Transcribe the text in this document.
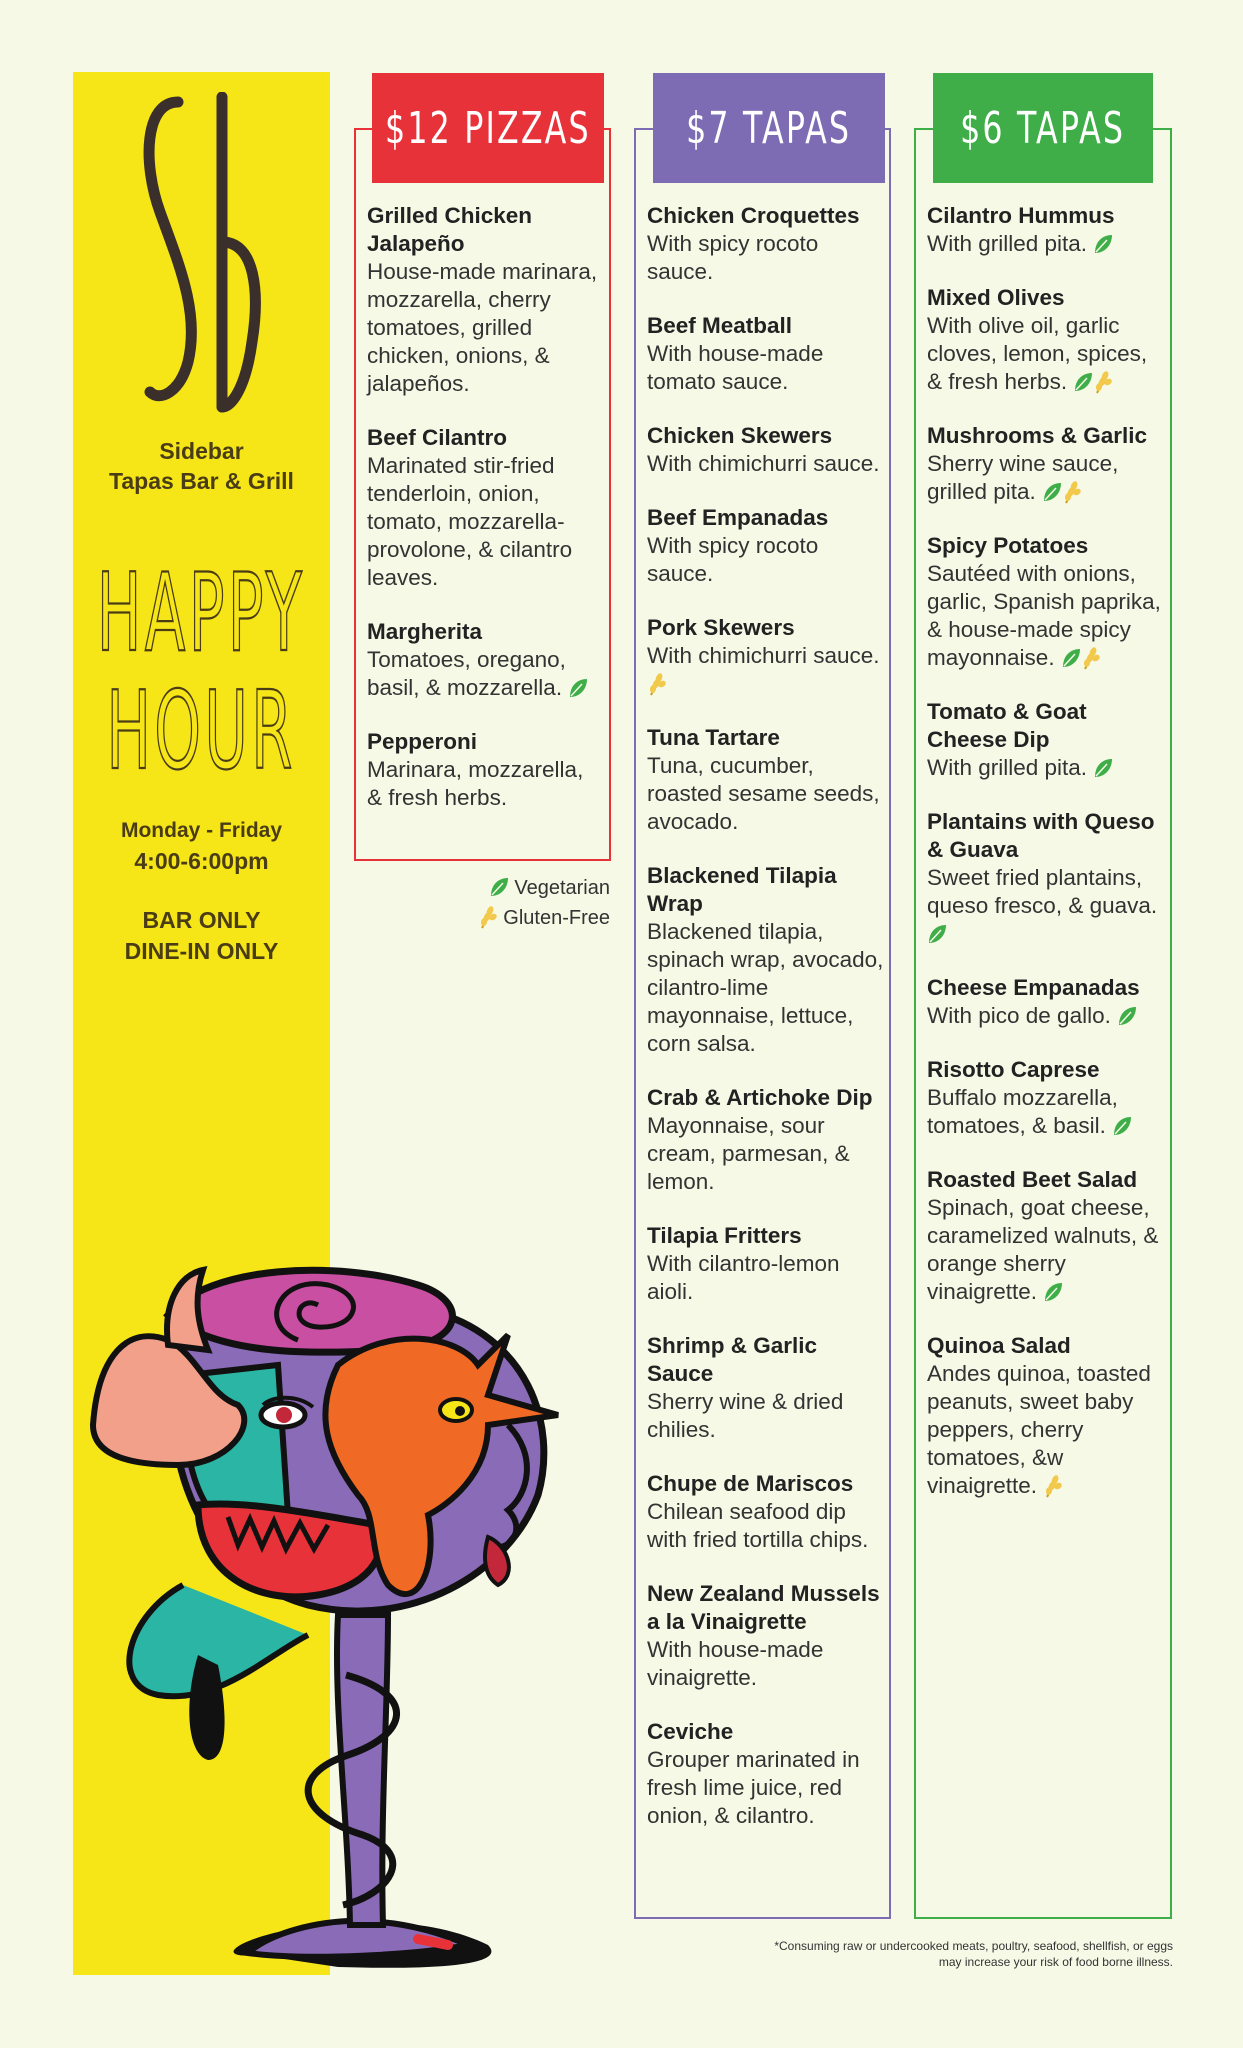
Sidebar
Tapas Bar & Grill
HAPPY
HOUR
Monday - Friday
4:00-6:00pm
BAR ONLY
DINE-IN ONLY
$12 PIZZAS
Grilled Chicken Jalapeño
House-made marinara, mozzarella, cherry tomatoes, grilled chicken, onions, & jalapeños.
Beef Cilantro
Marinated stir-fried tenderloin, onion, tomato, mozzarella-provolone, & cilantro leaves.
Margherita
Tomatoes, oregano, basil, & mozzarella.
Pepperoni
Marinara, mozzarella, & fresh herbs.
Vegetarian
Gluten-Free
$7 TAPAS
Chicken Croquettes
With spicy rocoto sauce.
Beef Meatball
With house-made tomato sauce.
Chicken Skewers
With chimichurri sauce.
Beef Empanadas
With spicy rocoto sauce.
Pork Skewers
With chimichurri sauce.
Tuna Tartare
Tuna, cucumber, roasted sesame seeds, avocado.
Blackened Tilapia Wrap
Blackened tilapia, spinach wrap, avocado, cilantro-lime mayonnaise, lettuce, corn salsa.
Crab & Artichoke Dip
Mayonnaise, sour cream, parmesan, & lemon.
Tilapia Fritters
With cilantro-lemon aioli.
Shrimp & Garlic Sauce
Sherry wine & dried chilies.
Chupe de Mariscos
Chilean seafood dip with fried tortilla chips.
New Zealand Mussels a la Vinaigrette
With house-made vinaigrette.
Ceviche
Grouper marinated in fresh lime juice, red onion, & cilantro.
$6 TAPAS
Cilantro Hummus
With grilled pita.
Mixed Olives
With olive oil, garlic cloves, lemon, spices, & fresh herbs.
Mushrooms & Garlic
Sherry wine sauce, grilled pita.
Spicy Potatoes
Sautéed with onions, garlic, Spanish paprika, & house-made spicy mayonnaise.
Tomato & Goat Cheese Dip
With grilled pita.
Plantains with Queso & Guava
Sweet fried plantains, queso fresco, & guava.
Cheese Empanadas
With pico de gallo.
Risotto Caprese
Buffalo mozzarella, tomatoes, & basil.
Roasted Beet Salad
Spinach, goat cheese, caramelized walnuts, & orange sherry vinaigrette.
Quinoa Salad
Andes quinoa, toasted peanuts, sweet baby peppers, cherry tomatoes, &w vinaigrette.
*Consuming raw or undercooked meats, poultry, seafood, shellfish, or eggs
may increase your risk of food borne illness.
